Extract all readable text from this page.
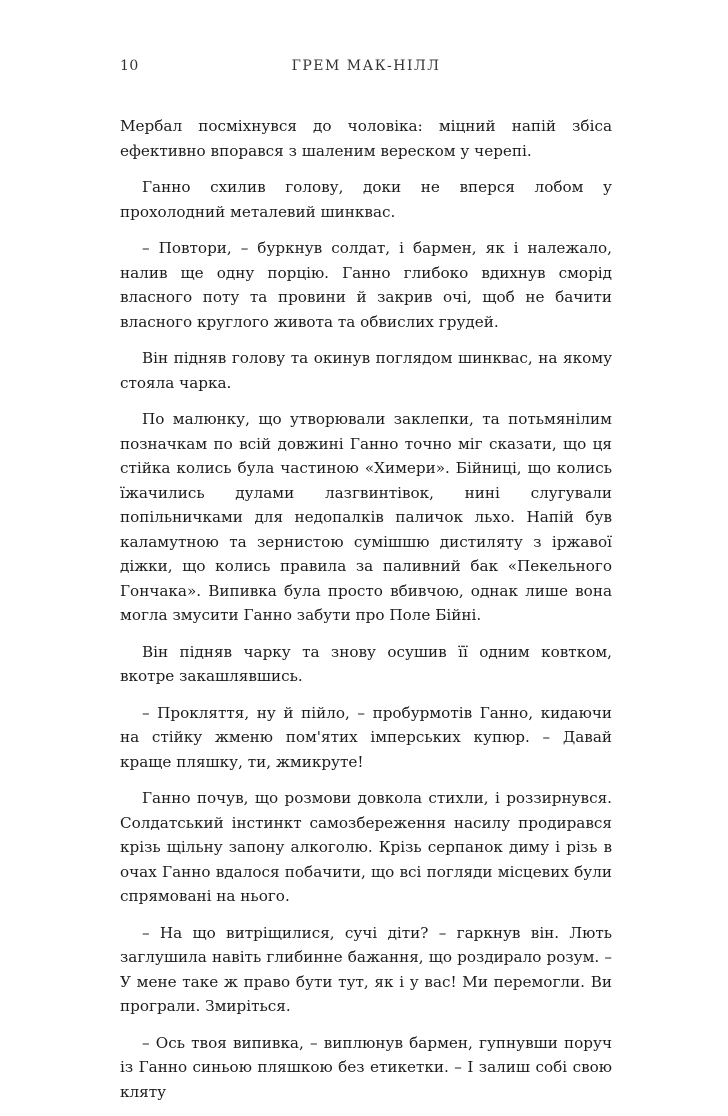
10	ГРЕМ МАК-НІЛЛ

Мербал посміхнувся до чоловіка: міцний напій збіса ефективно впорався з шаленим вереском у черепі.

Ганно схилив голову, доки не вперся лобом у прохолодний металевий шинквас.

– Повтори, – буркнув солдат, і бармен, як і належало, налив ще одну порцію. Ганно глибоко вдихнув сморід власного поту та провини й закрив очі, щоб не бачити власного круглого живота та обвислих грудей.

Він підняв голову та окинув поглядом шинквас, на якому стояла чарка.

По малюнку, що утворювали заклепки, та потьмянілим позначкам по всій довжині Ганно точно міг сказати, що ця стійка колись була частиною «Химери». Бійниці, що колись їжачились дулами лазгвинтівок, нині слугували попільничками для недопалків паличок льхо. Напій був каламутною та зернистою сумішшю дистиляту з іржавої діжки, що колись правила за паливний бак «Пекельного Гончака». Випивка була просто вбивчою, однак лише вона могла змусити Ганно забути про Поле Бійні.

Він підняв чарку та знову осушив її одним ковтком, вкотре закашлявшись.

– Прокляття, ну й пійло, – пробурмотів Ганно, кидаючи на стійку жменю пом'ятих імперських купюр. – Давай краще пляшку, ти, жмикруте!

Ганно почув, що розмови довкола стихли, і роззирнувся. Солдатський інстинкт самозбереження насилу продирався крізь щільну запону алкоголю. Крізь серпанок диму і різь в очах Ганно вдалося побачити, що всі погляди місцевих були спрямовані на нього.

– На що витріщилися, сучі діти? – гаркнув він. Лють заглушила навіть глибинне бажання, що роздирало розум. – У мене таке ж право бути тут, як і у вас! Ми перемогли. Ви програли. Змиріться.

– Ось твоя випивка, – виплюнув бармен, гупнувши поруч із Ганно синьою пляшкою без етикетки. – І залиш собі свою кляту
